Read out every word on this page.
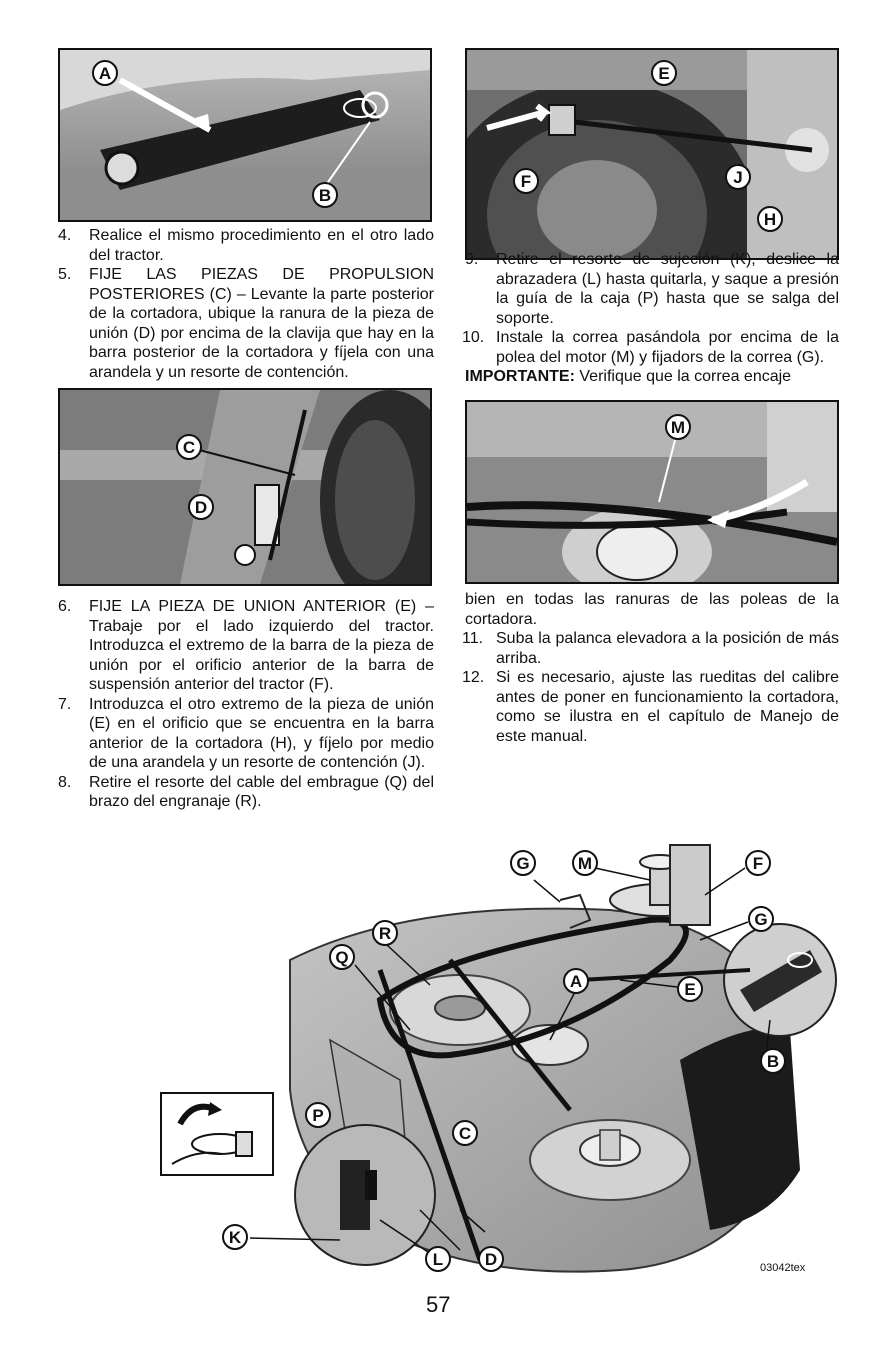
A
B
E
F	J
H
C
D
M
4. Realice el mismo procedimiento en el otro lado del tractor.
5. FIJE LAS PIEZAS DE PROPULSION POSTERIORES (C) – Levante la parte posterior de la cortadora, ubique la ranura de la pieza de unión (D) por encima de la clavija que hay en la barra posterior de la cortadora y fíjela con una arandela y un resorte de contención.
9. Retire el resorte de sujeción (K), deslice la abrazadera (L) hasta quitarla, y saque a presión la guía de la caja (P) hasta que se salga del soporte.
10. Instale la correa pasándola por encima de la polea del motor (M) y fijadors de la correa (G).
IMPORTANTE: Verifique que la correa encaje
6. FIJE LA PIEZA DE UNION ANTERIOR (E) – Trabaje por el lado izquierdo del tractor. Introduzca el extremo de la barra de la pieza de unión por el orificio anterior de la barra de suspensión anterior del tractor (F).
7. Introduzca el otro extremo de la pieza de unión (E) en el orificio que se encuentra en la barra anterior de la cortadora (H), y fíjelo por medio de una arandela y un resorte de contención (J).
8. Retire el resorte del cable del embrague (Q) del brazo del engranaje (R).
bien en todas las ranuras de las poleas de la cortadora.
11. Suba la palanca elevadora a la posición de más arriba.
12. Si es necesario, ajuste las rueditas del calibre antes de poner en funcionamiento la cortadora, como se ilustra en el capítulo de Manejo de este manual.
G	M	F
G
R
Q
A	E
B
P
C
K
L	D	03042tex
57
